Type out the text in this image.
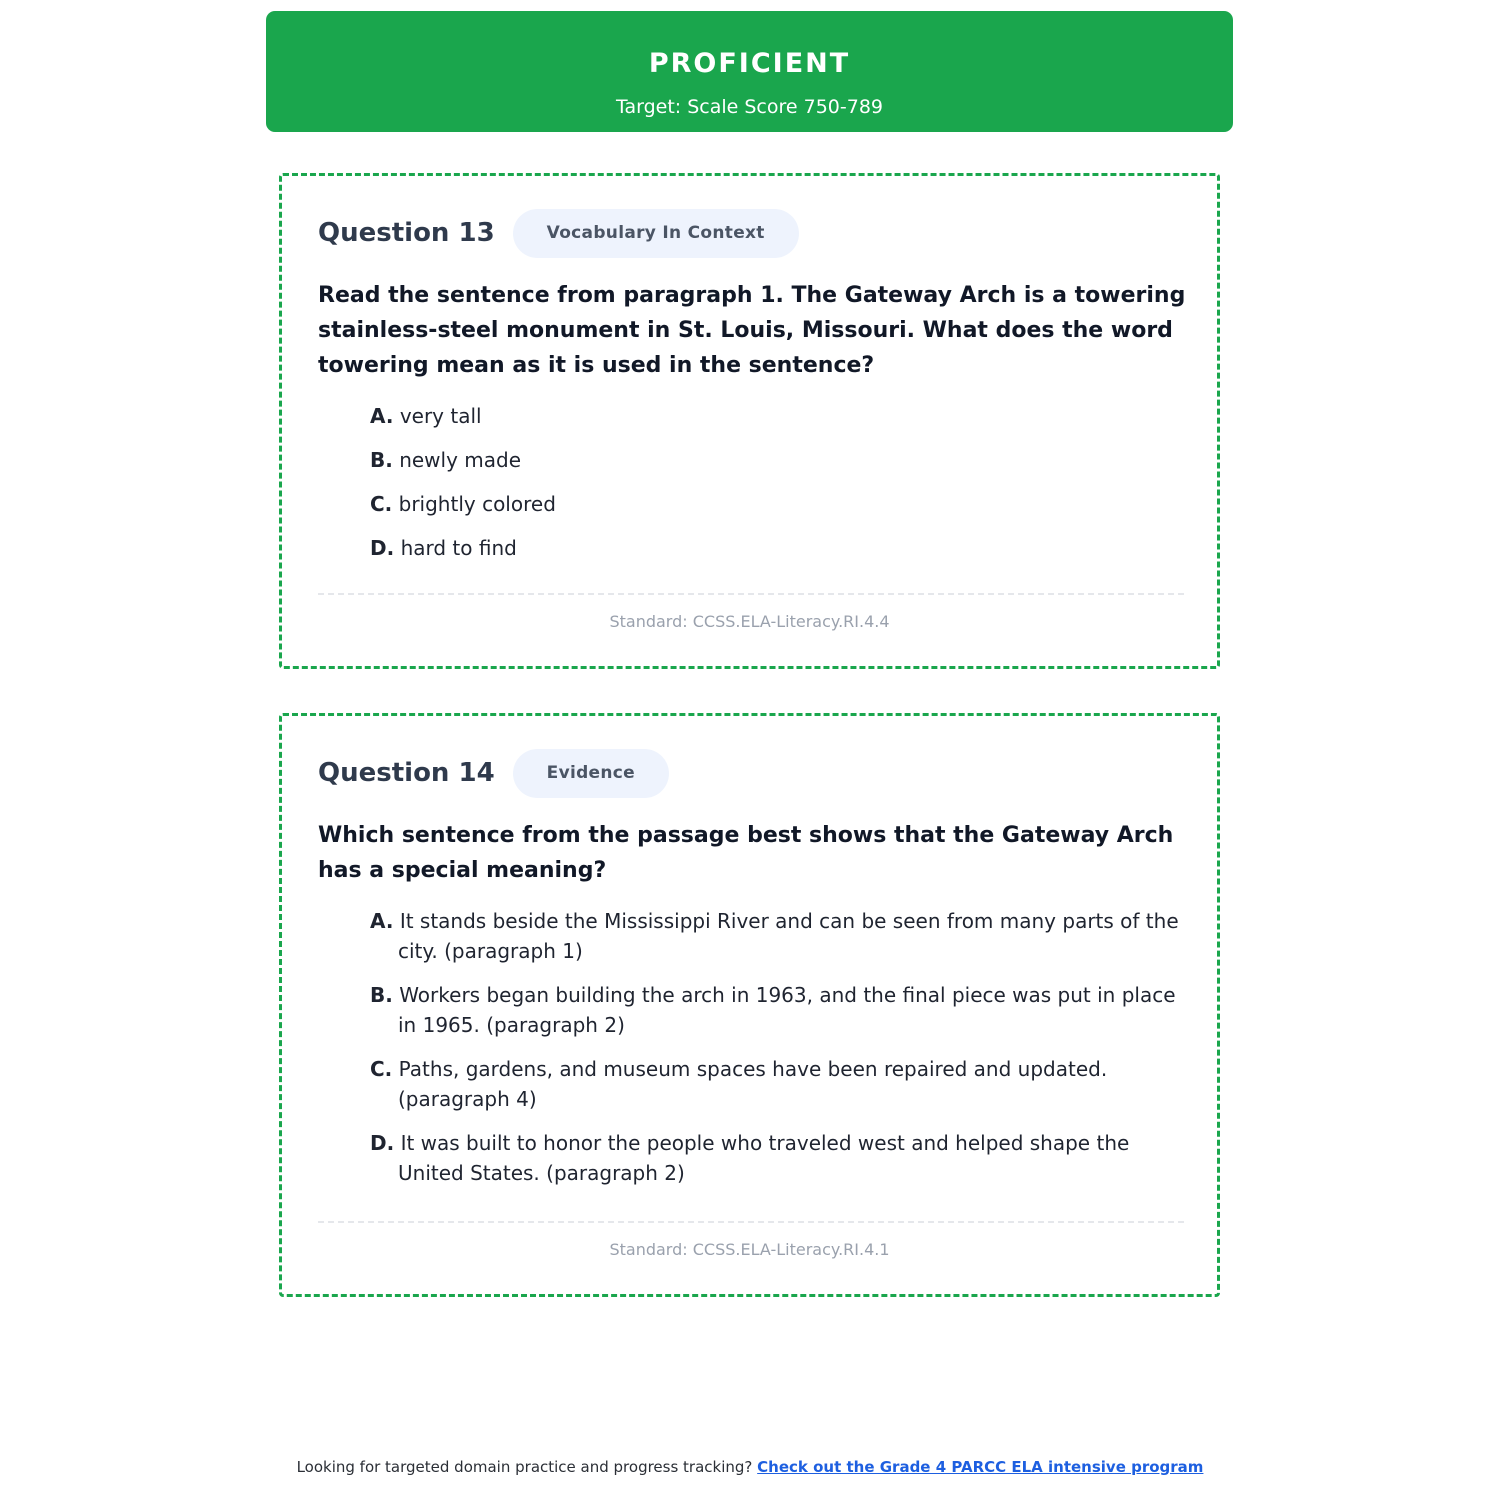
PROFICIENT
Target: Scale Score 750-789
Question 13	Vocabulary In Context
Read the sentence from paragraph 1. The Gateway Arch is a towering stainless-steel monument in St. Louis, Missouri. What does the word towering mean as it is used in the sentence?
A. very tall
B. newly made
C. brightly colored
D. hard to find
Standard: CCSS.ELA-Literacy.RI.4.4
Question 14	Evidence
Which sentence from the passage best shows that the Gateway Arch has a special meaning?
A. It stands beside the Mississippi River and can be seen from many parts of the city. (paragraph 1)
B. Workers began building the arch in 1963, and the final piece was put in place in 1965. (paragraph 2)
C. Paths, gardens, and museum spaces have been repaired and updated. (paragraph 4)
D. It was built to honor the people who traveled west and helped shape the United States. (paragraph 2)
Standard: CCSS.ELA-Literacy.RI.4.1
Looking for targeted domain practice and progress tracking? Check out the Grade 4 PARCC ELA intensive program
